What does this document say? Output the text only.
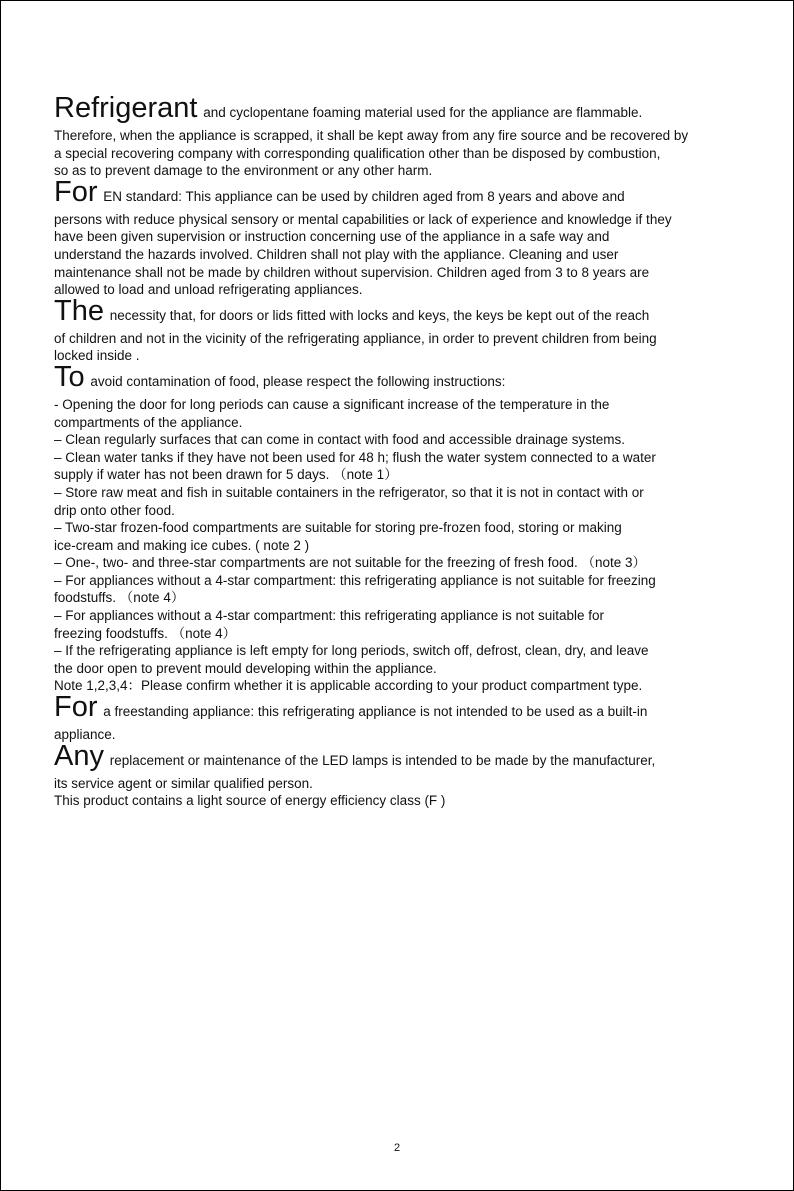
Refrigerant and cyclopentane foaming material used for the appliance are flammable.
Therefore, when the appliance is scrapped, it shall be kept away from any fire source and be recovered by
a special recovering company with corresponding qualification other than be disposed by combustion,
so as to prevent damage to the environment or any other harm.
For EN standard: This appliance can be used by children aged from 8 years and above and
persons with reduce physical sensory or mental capabilities or lack of experience and knowledge if they
have been given supervision or instruction concerning use of the appliance in a safe way and
understand the hazards involved. Children shall not play with the appliance. Cleaning and user
maintenance shall not be made by children without supervision. Children aged from 3 to 8 years are
allowed to load and unload refrigerating appliances.
The necessity that, for doors or lids fitted with locks and keys, the keys be kept out of the reach
of children and not in the vicinity of the refrigerating appliance, in order to prevent children from being
locked inside .
To avoid contamination of food, please respect the following instructions:
- Opening the door for long periods can cause a significant increase of the temperature in the
compartments of the appliance.
– Clean regularly surfaces that can come in contact with food and accessible drainage systems.
– Clean water tanks if they have not been used for 48 h; flush the water system connected to a water
supply if water has not been drawn for 5 days. （note 1）
– Store raw meat and fish in suitable containers in the refrigerator, so that it is not in contact with or
drip onto other food.
– Two-star frozen-food compartments are suitable for storing pre-frozen food, storing or making
ice-cream and making ice cubes. ( note 2 )
– One-, two- and three-star compartments are not suitable for the freezing of fresh food. （note 3）
– For appliances without a 4-star compartment: this refrigerating appliance is not suitable for freezing
foodstuffs. （note 4）
– For appliances without a 4-star compartment: this refrigerating appliance is not suitable for
freezing foodstuffs. （note 4）
– If the refrigerating appliance is left empty for long periods, switch off, defrost, clean, dry, and leave
the door open to prevent mould developing within the appliance.
Note 1,2,3,4：Please confirm whether it is applicable according to your product compartment type.
For a freestanding appliance: this refrigerating appliance is not intended to be used as a built-in
appliance.
Any replacement or maintenance of the LED lamps is intended to be made by the manufacturer,
its service agent or similar qualified person.
This product contains a light source of energy efficiency class (F )
2
